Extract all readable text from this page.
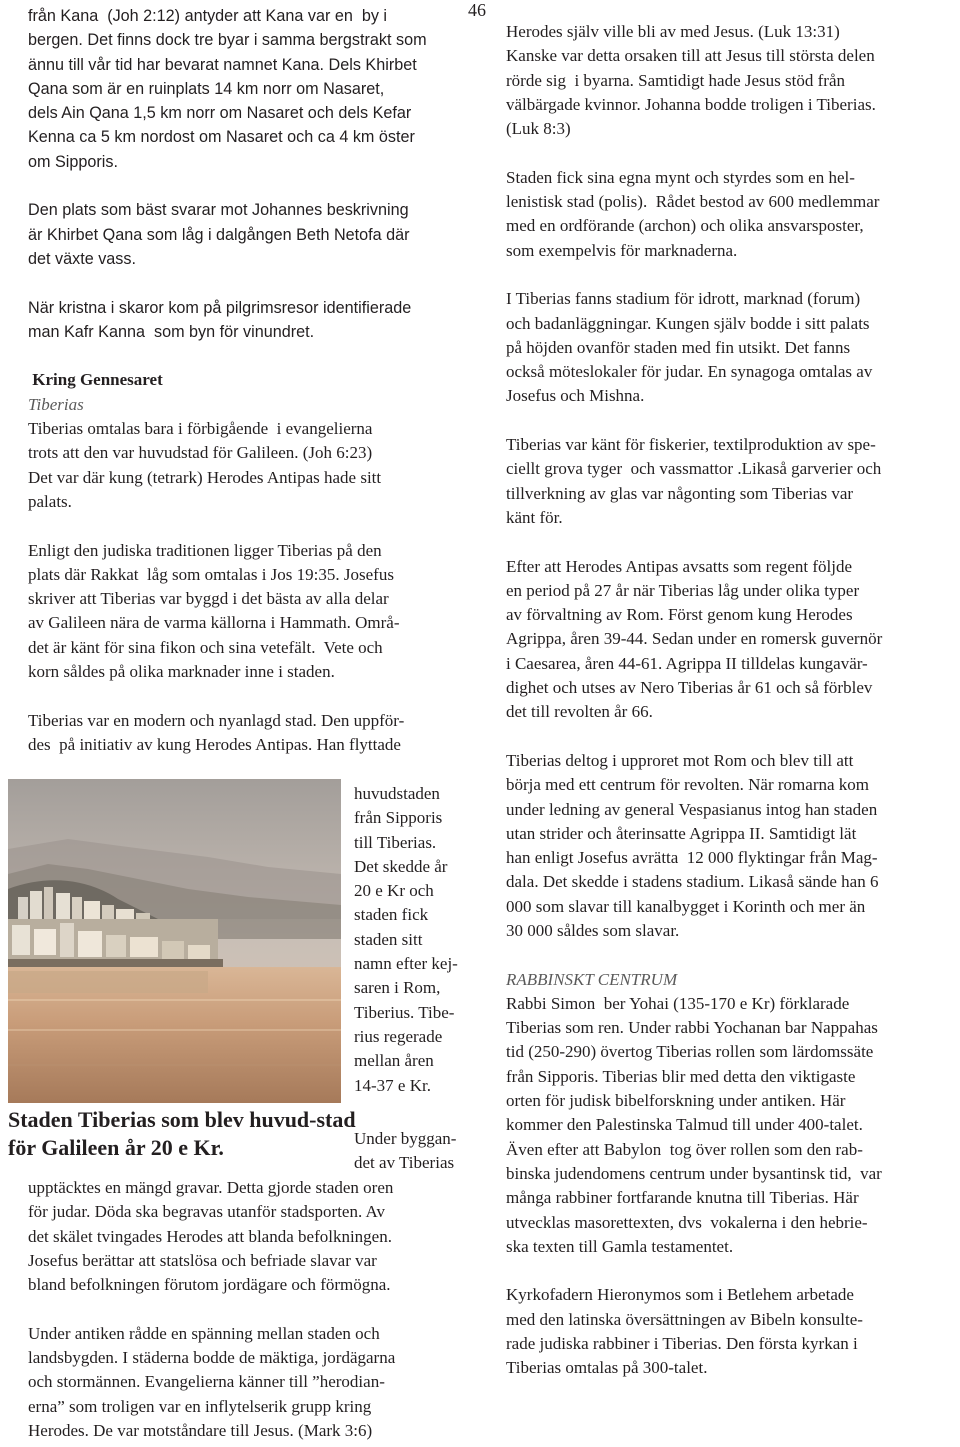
46
från Kana  (Joh 2:12) antyder att Kana var en  by i
bergen. Det finns dock tre byar i samma bergstrakt som
ännu till vår tid har bevarat namnet Kana. Dels Khirbet
Qana som är en ruinplats 14 km norr om Nasaret,
dels Ain Qana 1,5 km norr om Nasaret och dels Kefar
Kenna ca 5 km nordost om Nasaret och ca 4 km öster
om Sipporis.
Den plats som bäst svarar mot Johannes beskrivning
är Khirbet Qana som låg i dalgången Beth Netofa där
det växte vass.
När kristna i skaror kom på pilgrimsresor identifierade
man Kafr Kanna  som byn för vinundret.

Kring Gennesaret

Tiberias

Tiberias omtalas bara i förbigående  i evangelierna
trots att den var huvudstad för Galileen. (Joh 6:23)
Det var där kung (tetrark) Herodes Antipas hade sitt
palats.
Enligt den judiska traditionen ligger Tiberias på den
plats där Rakkat  låg som omtalas i Jos 19:35. Josefus
skriver att Tiberias var byggd i det bästa av alla delar
av Galileen nära de varma källorna i Hammath. Områ-
det är känt för sina fikon och sina vetefält.  Vete och
korn såldes på olika marknader inne i staden.
Tiberias var en modern och nyanlagd stad. Den uppför-
des  på initiativ av kung Herodes Antipas. Han flyttade
huvudstaden
från Sipporis
till Tiberias.
Det skedde år
20 e Kr och
staden fick
staden sitt
namn efter kej-
saren i Rom,
Tiberius. Tibe-
rius regerade
mellan åren
14-37 e Kr.
Staden Tiberias som blev huvud-stad för Galileen år 20 e Kr.	Under byggan-
det av Tiberias
upptäcktes en mängd gravar. Detta gjorde staden oren
för judar. Döda ska begravas utanför stadsporten. Av
det skälet tvingades Herodes att blanda befolkningen.
Josefus berättar att statslösa och befriade slavar var
bland befolkningen förutom jordägare och förmögna.
Under antiken rådde en spänning mellan staden och
landsbygden. I städerna bodde de mäktiga, jordägarna
och stormännen. Evangelierna känner till ”herodian-
erna” som troligen var en inflytelserik grupp kring
Herodes. De var motståndare till Jesus. (Mark 3:6)
Herodes själv ville bli av med Jesus. (Luk 13:31)
Kanske var detta orsaken till att Jesus till största delen
rörde sig  i byarna. Samtidigt hade Jesus stöd från
välbärgade kvinnor. Johanna bodde troligen i Tiberias.
(Luk 8:3)
Staden fick sina egna mynt och styrdes som en hel-
lenistisk stad (polis).  Rådet bestod av 600 medlemmar
med en ordförande (archon) och olika ansvarsposter,
som exempelvis för marknaderna.
I Tiberias fanns stadium för idrott, marknad (forum)
och badanläggningar. Kungen själv bodde i sitt palats
på höjden ovanför staden med fin utsikt. Det fanns
också möteslokaler för judar. En synagoga omtalas av
Josefus och Mishna.
Tiberias var känt för fiskerier, textilproduktion av spe-
ciellt grova tyger  och vassmattor .Likaså garverier och
tillverkning av glas var någonting som Tiberias var
känt för.
Efter att Herodes Antipas avsatts som regent följde
en period på 27 år när Tiberias låg under olika typer
av förvaltning av Rom. Först genom kung Herodes
Agrippa, åren 39-44. Sedan under en romersk guvernör
i Caesarea, åren 44-61. Agrippa II tilldelas kungavär-
dighet och utses av Nero Tiberias år 61 och så förblev
det till revolten år 66.
Tiberias deltog i upproret mot Rom och blev till att
börja med ett centrum för revolten. När romarna kom
under ledning av general Vespasianus intog han staden
utan strider och återinsatte Agrippa II. Samtidigt lät
han enligt Josefus avrätta  12 000 flyktingar från Mag-
dala. Det skedde i stadens stadium. Likaså sände han 6
000 som slavar till kanalbygget i Korinth och mer än
30 000 såldes som slavar.

RABBINSKT CENTRUM

Rabbi Simon  ber Yohai (135-170 e Kr) förklarade
Tiberias som ren. Under rabbi Yochanan bar Nappahas
tid (250-290) övertog Tiberias rollen som lärdomssäte
från Sipporis. Tiberias blir med detta den viktigaste
orten för judisk bibelforskning under antiken. Här
kommer den Palestinska Talmud till under 400-talet.
Även efter att Babylon  tog över rollen som den rab-
binska judendomens centrum under bysantinsk tid,  var
många rabbiner fortfarande knutna till Tiberias. Här
utvecklas masorettexten, dvs  vokalerna i den hebrie-
ska texten till Gamla testamentet.
Kyrkofadern Hieronymos som i Betlehem arbetade
med den latinska översättningen av Bibeln konsulte-
rade judiska rabbiner i Tiberias. Den första kyrkan i
Tiberias omtalas på 300-talet.
